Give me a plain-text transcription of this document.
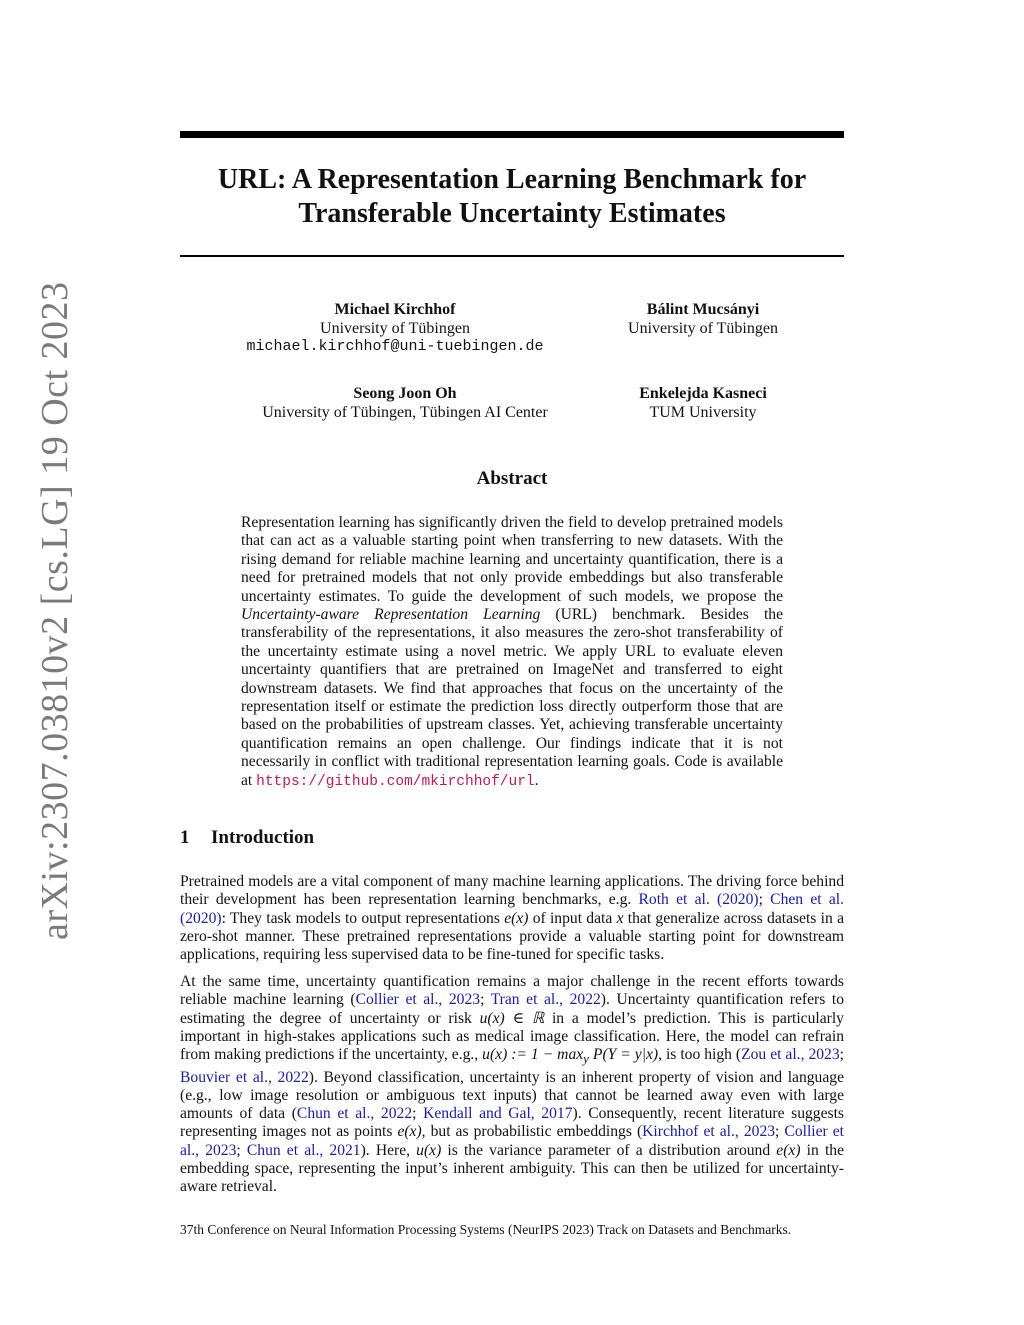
arXiv:2307.03810v2 [cs.LG] 19 Oct 2023
URL: A Representation Learning Benchmark for
Transferable Uncertainty Estimates
Michael Kirchhof
University of Tübingen
michael.kirchhof@uni-tuebingen.de
Bálint Mucsányi
University of Tübingen
Seong Joon Oh
University of Tübingen, Tübingen AI Center
Enkelejda Kasneci
TUM University
Abstract
Representation learning has significantly driven the field to develop pretrained models that can act as a valuable starting point when transferring to new datasets. With the rising demand for reliable machine learning and uncertainty quantification, there is a need for pretrained models that not only provide embeddings but also transferable uncertainty estimates. To guide the development of such models, we propose the Uncertainty-aware Representation Learning (URL) benchmark. Besides the transferability of the representations, it also measures the zero-shot transferability of the uncertainty estimate using a novel metric. We apply URL to evaluate eleven uncertainty quantifiers that are pretrained on ImageNet and transferred to eight downstream datasets. We find that approaches that focus on the uncertainty of the representation itself or estimate the prediction loss directly outperform those that are based on the probabilities of upstream classes. Yet, achieving transferable uncertainty quantification remains an open challenge. Our findings indicate that it is not necessarily in conflict with traditional representation learning goals. Code is available at https://github.com/mkirchhof/url.
1 Introduction
Pretrained models are a vital component of many machine learning applications. The driving force behind their development has been representation learning benchmarks, e.g. Roth et al. (2020); Chen et al. (2020): They task models to output representations e(x) of input data x that generalize across datasets in a zero-shot manner. These pretrained representations provide a valuable starting point for downstream applications, requiring less supervised data to be fine-tuned for specific tasks.
At the same time, uncertainty quantification remains a major challenge in the recent efforts towards reliable machine learning (Collier et al., 2023; Tran et al., 2022). Uncertainty quantification refers to estimating the degree of uncertainty or risk u(x) ∈ ℝ in a model’s prediction. This is particularly important in high-stakes applications such as medical image classification. Here, the model can refrain from making predictions if the uncertainty, e.g., u(x) := $1 - \max_y P(Y = y|x)$, is too high (Zou et al., 2023; Bouvier et al., 2022). Beyond classification, uncertainty is an inherent property of vision and language (e.g., low image resolution or ambiguous text inputs) that cannot be learned away even with large amounts of data (Chun et al., 2022; Kendall and Gal, 2017). Consequently, recent literature suggests representing images not as points e(x), but as probabilistic embeddings (Kirchhof et al., 2023; Collier et al., 2023; Chun et al., 2021). Here, u(x) is the variance parameter of a distribution around e(x) in the embedding space, representing the input’s inherent ambiguity. This can then be utilized for uncertainty-aware retrieval.
37th Conference on Neural Information Processing Systems (NeurIPS 2023) Track on Datasets and Benchmarks.
